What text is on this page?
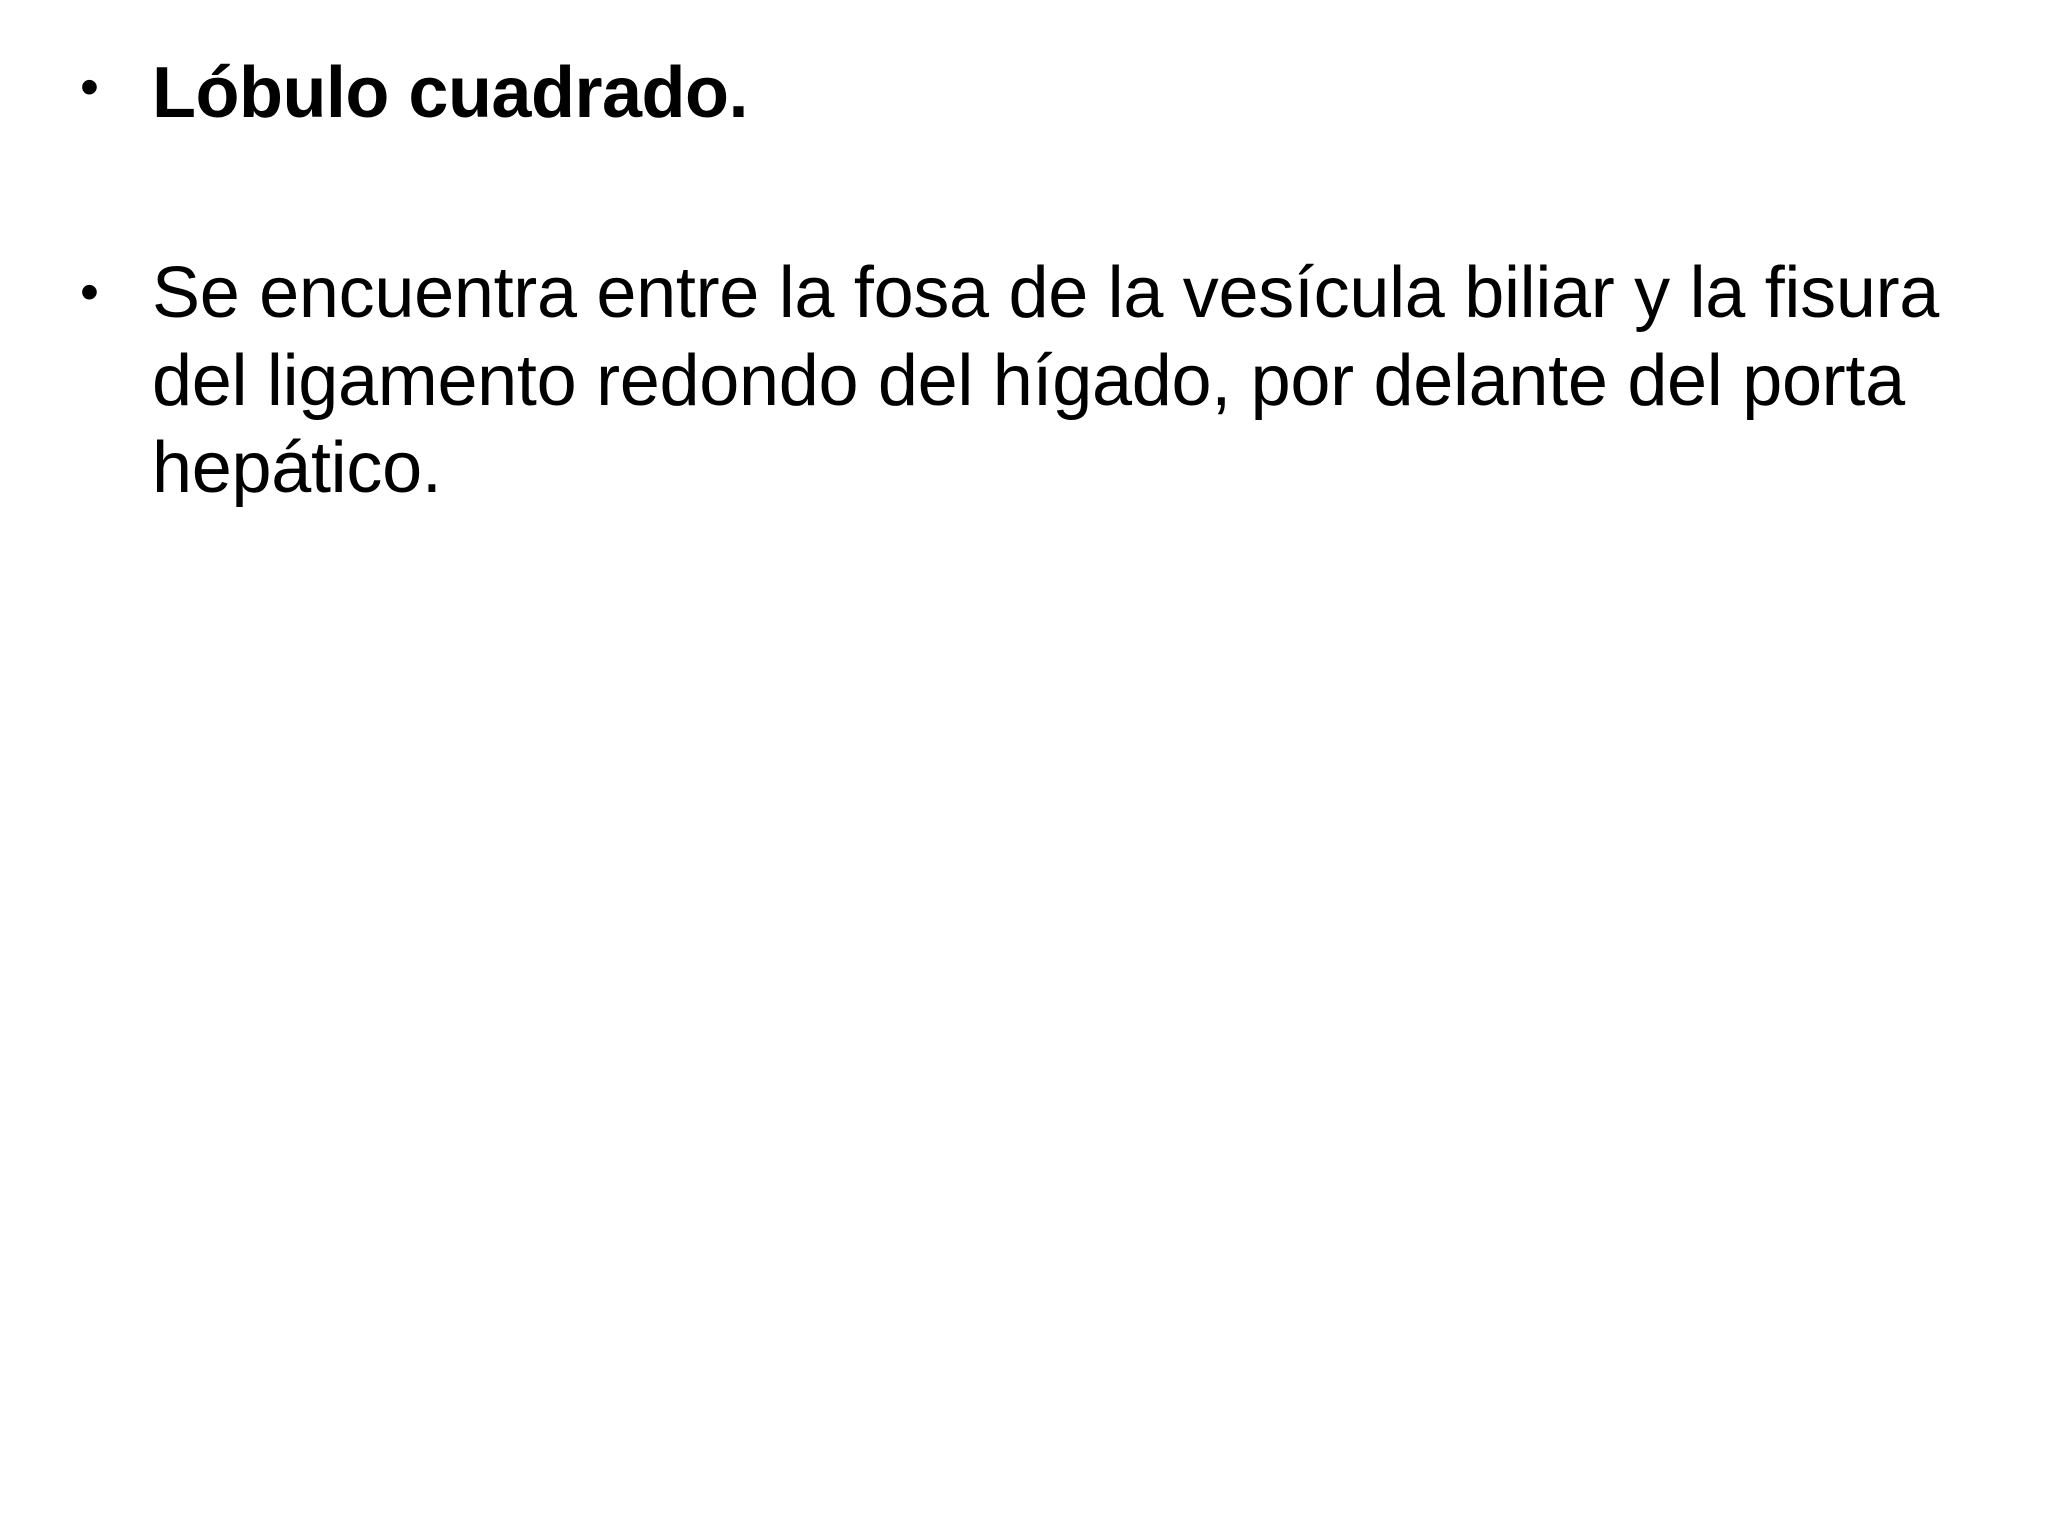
• Lóbulo cuadrado.
• Se encuentra entre la fosa de la vesícula biliar y la fisura del ligamento redondo del hígado, por delante del porta hepático.
